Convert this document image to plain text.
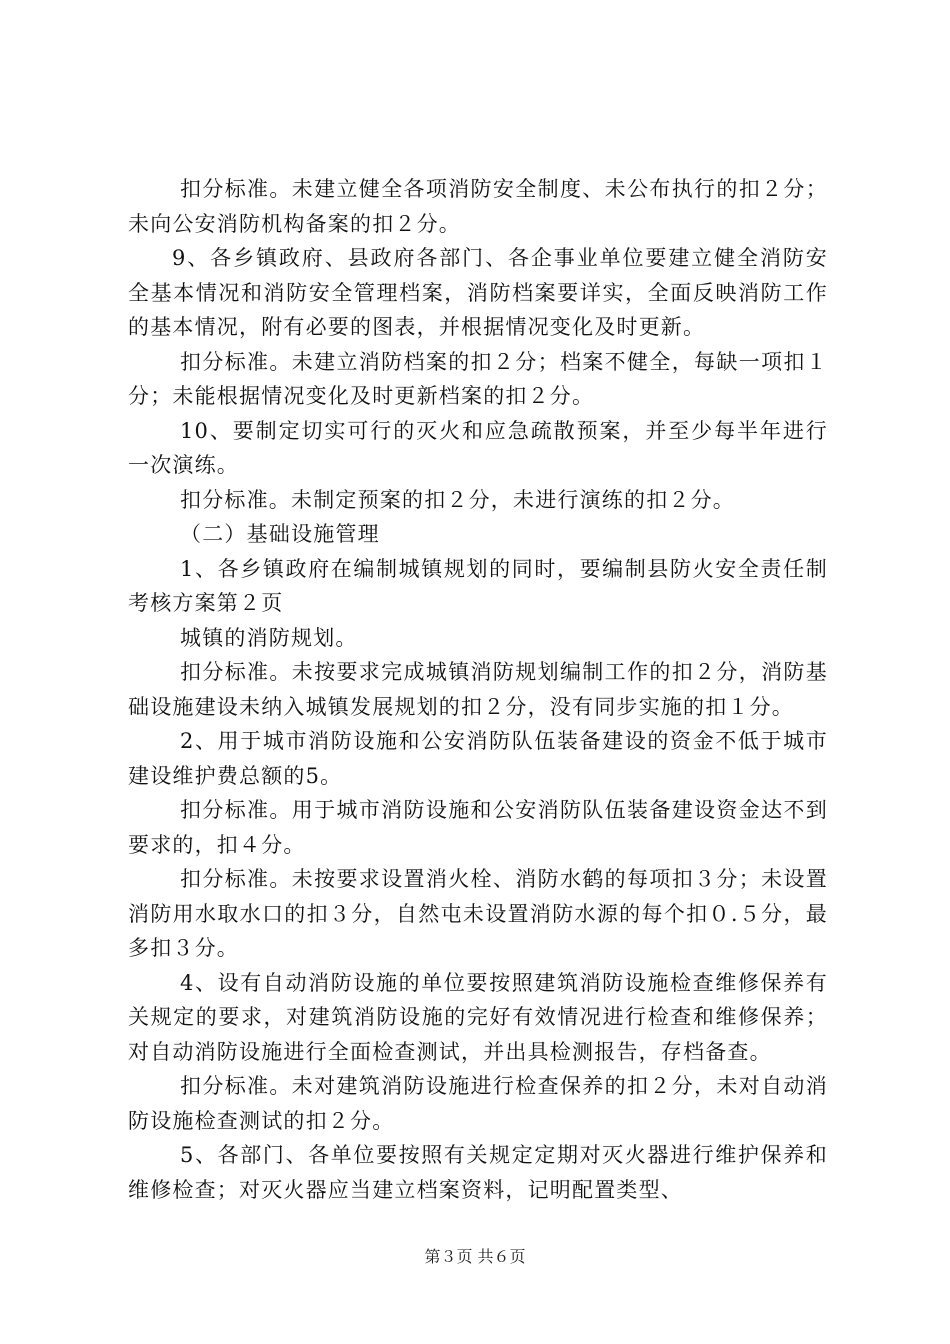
扣分标准。未建立健全各项消防安全制度、未公布执行的扣２分；未向公安消防机构备案的扣２分。

9、各乡镇政府、县政府各部门、各企事业单位要建立健全消防安全基本情况和消防安全管理档案，消防档案要详实，全面反映消防工作的基本情况，附有必要的图表，并根据情况变化及时更新。

扣分标准。未建立消防档案的扣２分；档案不健全，每缺一项扣１分；未能根据情况变化及时更新档案的扣２分。

10、要制定切实可行的灭火和应急疏散预案，并至少每半年进行一次演练。

扣分标准。未制定预案的扣２分，未进行演练的扣２分。

（二）基础设施管理

1、各乡镇政府在编制城镇规划的同时，要编制县防火安全责任制考核方案第２页

城镇的消防规划。

扣分标准。未按要求完成城镇消防规划编制工作的扣２分，消防基础设施建设未纳入城镇发展规划的扣２分，没有同步实施的扣１分。

2、用于城市消防设施和公安消防队伍装备建设的资金不低于城市建设维护费总额的5。

扣分标准。用于城市消防设施和公安消防队伍装备建设资金达不到要求的，扣４分。

扣分标准。未按要求设置消火栓、消防水鹤的每项扣３分；未设置消防用水取水口的扣３分，自然屯未设置消防水源的每个扣０.５分，最多扣３分。

4、设有自动消防设施的单位要按照建筑消防设施检查维修保养有关规定的要求，对建筑消防设施的完好有效情况进行检查和维修保养；对自动消防设施进行全面检查测试，并出具检测报告，存档备查。

扣分标准。未对建筑消防设施进行检查保养的扣２分，未对自动消防设施检查测试的扣２分。

5、各部门、各单位要按照有关规定定期对灭火器进行维护保养和维修检查；对灭火器应当建立档案资料，记明配置类型、

第３页 共６页
